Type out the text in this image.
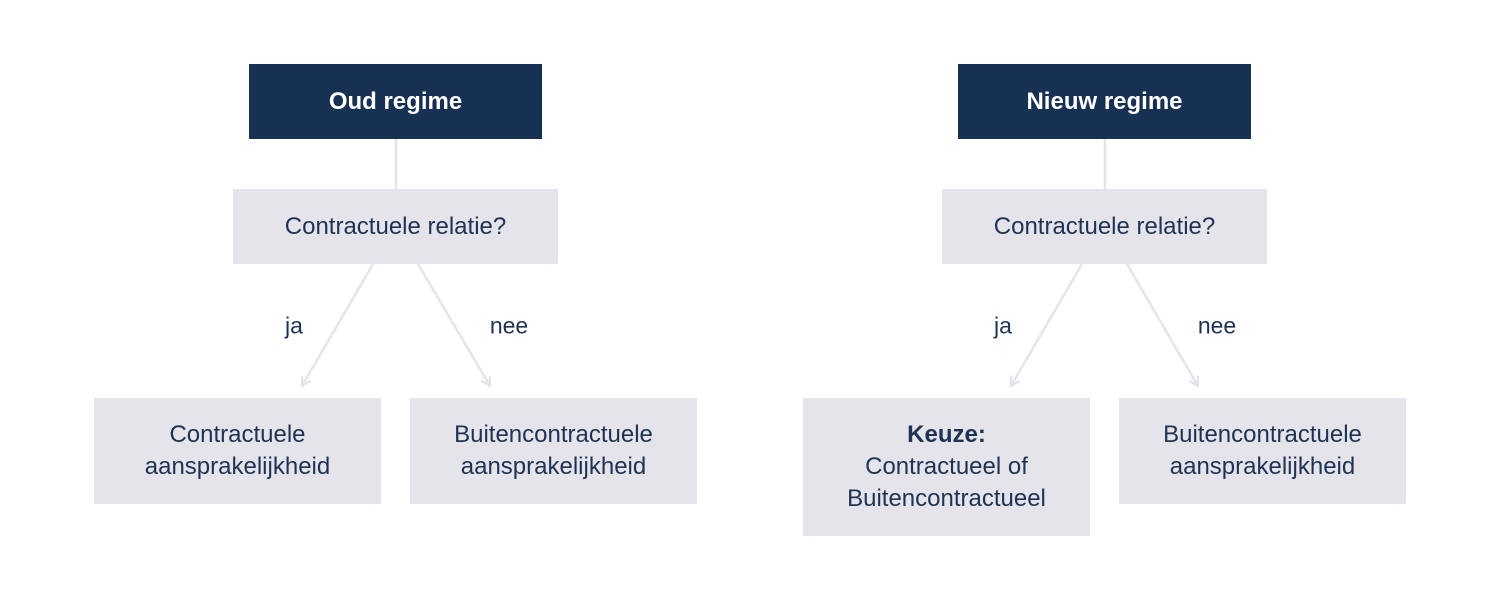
Oud regime
Contractuele relatie?
ja	nee
Contractuele
aansprakelijkheid
Buitencontractuele
aansprakelijkheid
Nieuw regime
Contractuele relatie?
ja	nee
Keuze:
Contractueel of
Buitencontractueel
Buitencontractuele
aansprakelijkheid
